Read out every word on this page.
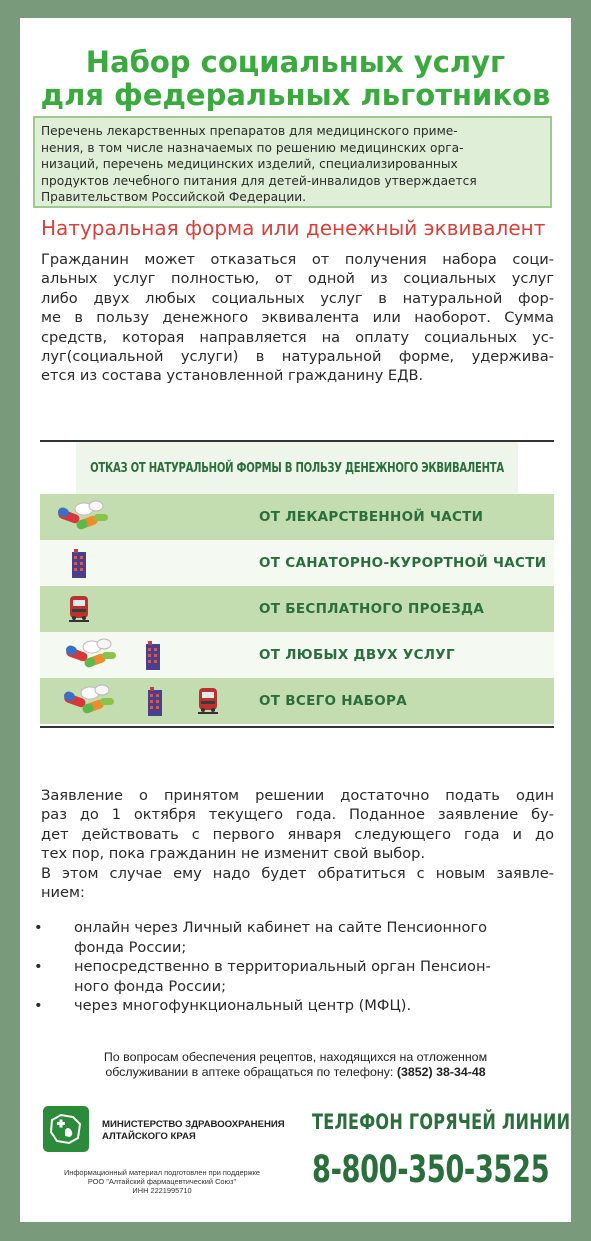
Набор социальных услуг
для федеральных льготников
Перечень лекарственных препаратов для медицинского приме-
нения, в том числе назначаемых по решению медицинских орга-
низаций, перечень медицинских изделий, специализированных
продуктов лечебного питания для детей-инвалидов утверждается
Правительством Российской Федерации.
Натуральная форма или денежный эквивалент
Гражданин может отказаться от получения набора соци-
альных услуг полностью, от одной из социальных услуг
либо двух любых социальных услуг в натуральной фор-
ме в пользу денежного эквивалента или наоборот. Сумма
средств, которая направляется на оплату социальных ус-
луг(социальной услуги) в натуральной форме, удержива-
ется из состава установленной гражданину ЕДВ.
ОТКАЗ ОТ НАТУРАЛЬНОЙ ФОРМЫ В ПОЛЬЗУ ДЕНЕЖНОГО ЭКВИВАЛЕНТА
ОТ ЛЕКАРСТВЕННОЙ ЧАСТИ
ОТ САНАТОРНО-КУРОРТНОЙ ЧАСТИ
ОТ БЕСПЛАТНОГО ПРОЕЗДА
ОТ ЛЮБЫХ ДВУХ УСЛУГ
ОТ ВСЕГО НАБОРА
Заявление о принятом решении достаточно подать один
раз до 1 октября текущего года. Поданное заявление бу-
дет действовать с первого января следующего года и до
тех пор, пока гражданин не изменит свой выбор.
В этом случае ему надо будет обратиться с новым заявле-
нием:
• онлайн через Личный кабинет на сайте Пенсионного
фонда России;
• непосредственно в территориальный орган Пенсион-
ного фонда России;
• через многофункциональный центр (МФЦ).
По вопросам обеспечения рецептов, находящихся на отложенном
обслуживании в аптеке обращаться по телефону: (3852) 38-34-48
МИНИСТЕРСТВО ЗДРАВООХРАНЕНИЯ
АЛТАЙСКОГО КРАЯ
Информационный материал подготовлен при поддержке
РОО "Алтайский фармацевтический Союз"
ИНН 2221995710
ТЕЛЕФОН ГОРЯЧЕЙ ЛИНИИ
8-800-350-3525
